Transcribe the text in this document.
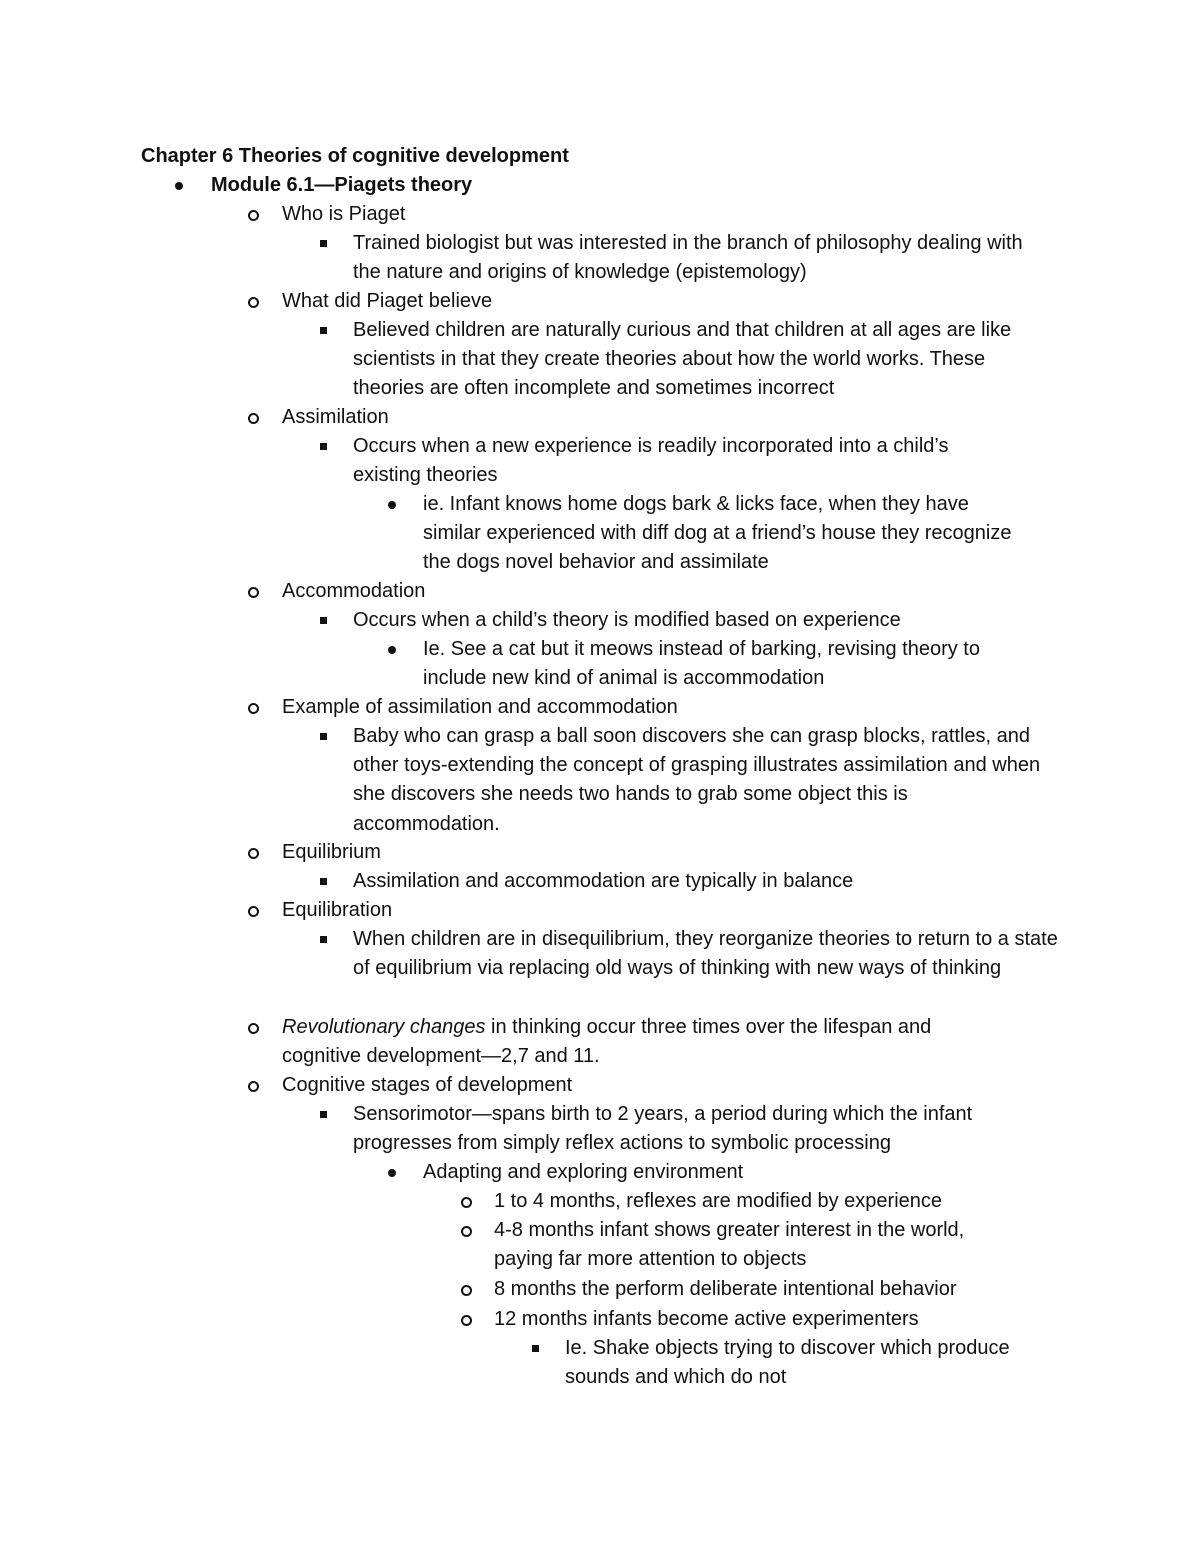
Chapter 6 Theories of cognitive development
Module 6.1—Piagets theory
Who is Piaget
Trained biologist but was interested in the branch of philosophy dealing with the nature and origins of knowledge (epistemology)
What did Piaget believe
Believed children are naturally curious and that children at all ages are like scientists in that they create theories about how the world works. These theories are often incomplete and sometimes incorrect
Assimilation
Occurs when a new experience is readily incorporated into a child’s existing theories
ie. Infant knows home dogs bark & licks face, when they have similar experienced with diff dog at a friend’s house they recognize the dogs novel behavior and assimilate
Accommodation
Occurs when a child’s theory is modified based on experience
Ie. See a cat but it meows instead of barking, revising theory to include new kind of animal is accommodation
Example of assimilation and accommodation
Baby who can grasp a ball soon discovers she can grasp blocks, rattles, and other toys-extending the concept of grasping illustrates assimilation and when she discovers she needs two hands to grab some object this is accommodation.
Equilibrium
Assimilation and accommodation are typically in balance
Equilibration
When children are in disequilibrium, they reorganize theories to return to a state of equilibrium via replacing old ways of thinking with new ways of thinking
Revolutionary changes in thinking occur three times over the lifespan and cognitive development—2,7 and 11.
Cognitive stages of development
Sensorimotor—spans birth to 2 years, a period during which the infant progresses from simply reflex actions to symbolic processing
Adapting and exploring environment
1 to 4 months, reflexes are modified by experience
4-8 months infant shows greater interest in the world, paying far more attention to objects
8 months the perform deliberate intentional behavior
12 months infants become active experimenters
Ie. Shake objects trying to discover which produce sounds and which do not
